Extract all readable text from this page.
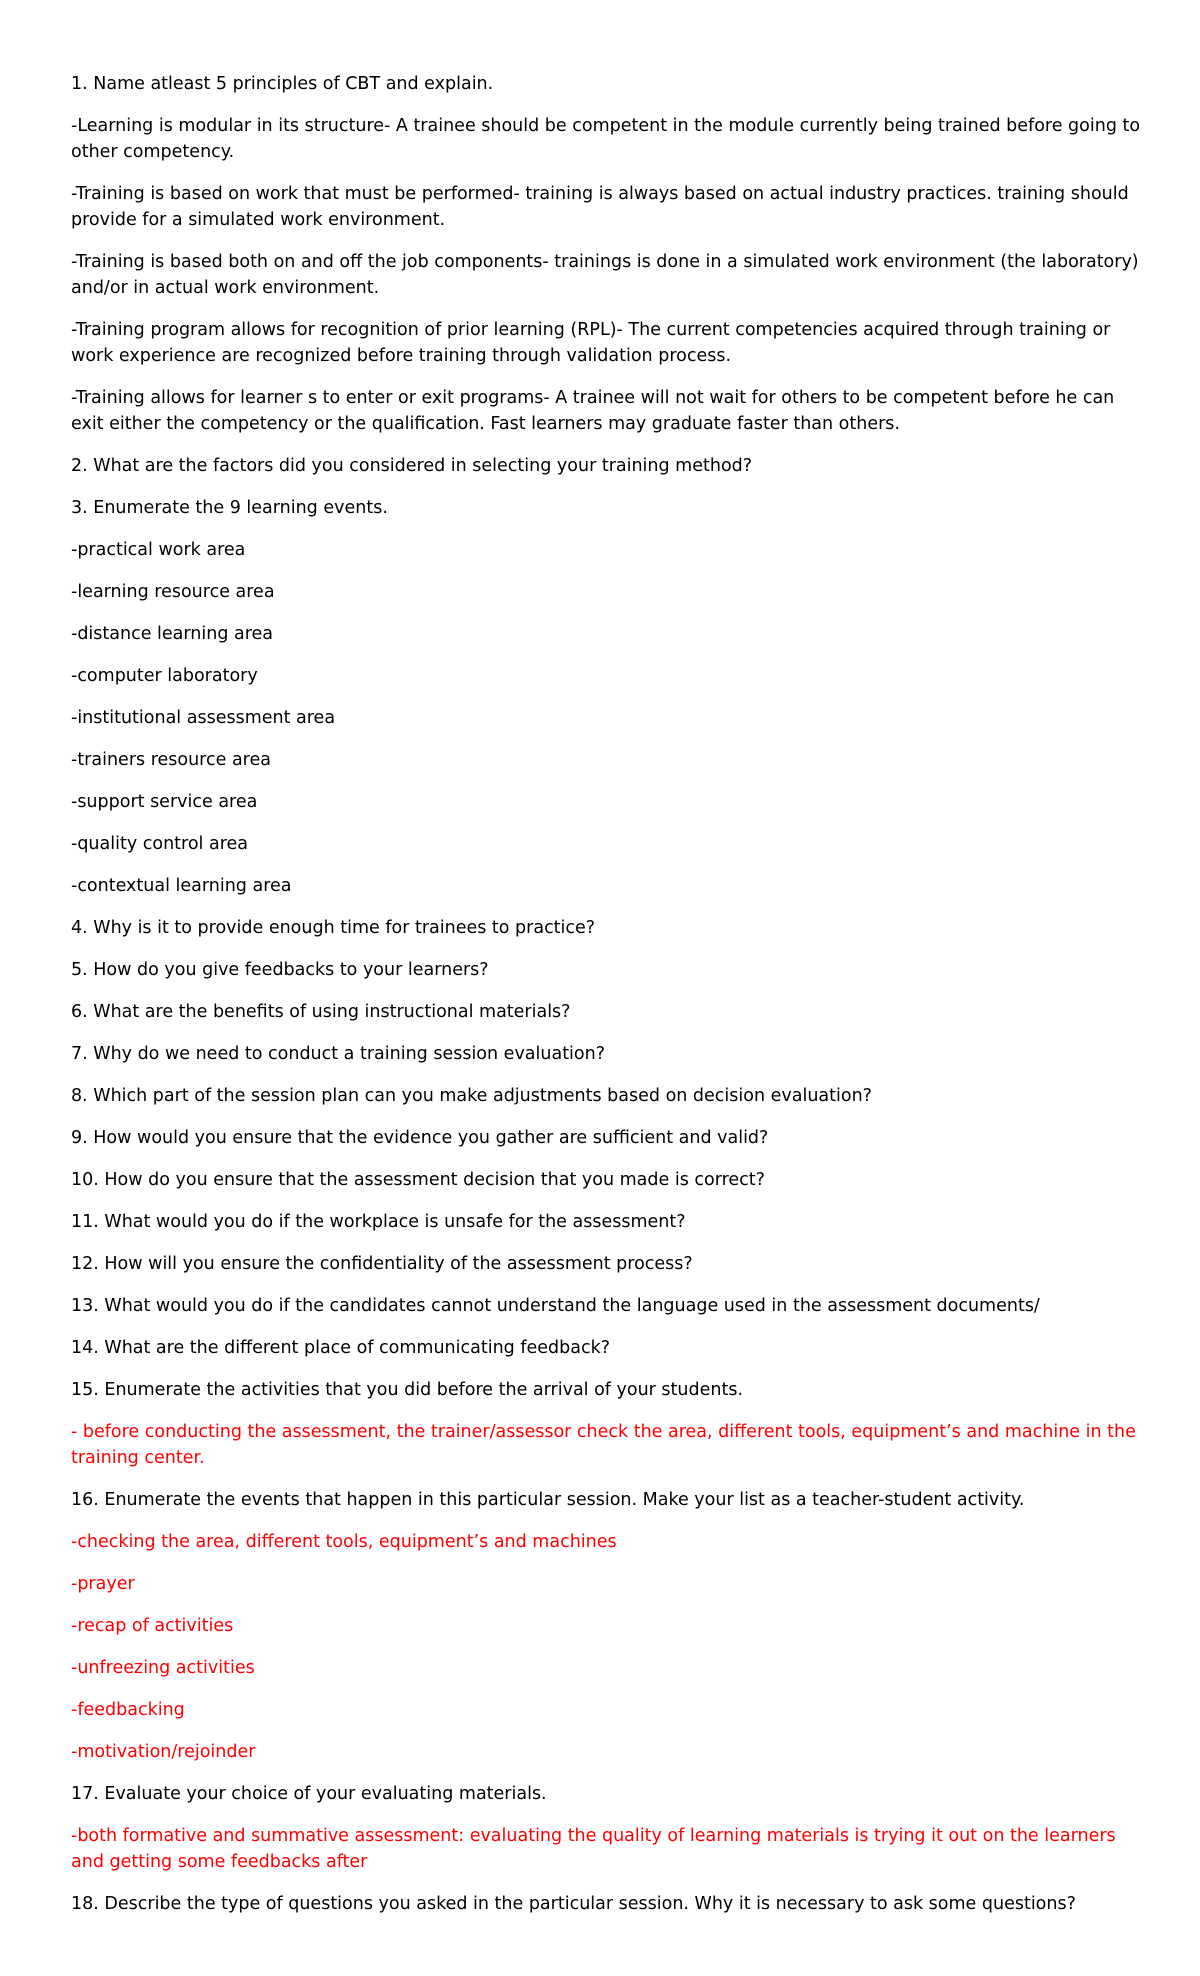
1. Name atleast 5 principles of CBT and explain.

-Learning is modular in its structure- A trainee should be competent in the module currently being trained before going to other competency.

-Training is based on work that must be performed- training is always based on actual industry practices. training should provide for a simulated work environment.

-Training is based both on and off the job components- trainings is done in a simulated work environment (the laboratory) and/or in actual work environment.

-Training program allows for recognition of prior learning (RPL)- The current competencies acquired through training or work experience are recognized before training through validation process.

-Training allows for learner s to enter or exit programs- A trainee will not wait for others to be competent before he can exit either the competency or the qualification. Fast learners may graduate faster than others.

2. What are the factors did you considered in selecting your training method?

3. Enumerate the 9 learning events.

-practical work area

-learning resource area

-distance learning area

-computer laboratory

-institutional assessment area

-trainers resource area

-support service area

-quality control area

-contextual learning area

4. Why is it to provide enough time for trainees to practice?

5. How do you give feedbacks to your learners?

6. What are the benefits of using instructional materials?

7. Why do we need to conduct a training session evaluation?

8. Which part of the session plan can you make adjustments based on decision evaluation?

9. How would you ensure that the evidence you gather are sufficient and valid?

10. How do you ensure that the assessment decision that you made is correct?

11. What would you do if the workplace is unsafe for the assessment?

12. How will you ensure the confidentiality of the assessment process?

13. What would you do if the candidates cannot understand the language used in the assessment documents/

14. What are the different place of communicating feedback?

15. Enumerate the activities that you did before the arrival of your students.

- before conducting the assessment, the trainer/assessor check the area, different tools, equipment’s and machine in the training center.

16. Enumerate the events that happen in this particular session. Make your list as a teacher-student activity.

-checking the area, different tools, equipment’s and machines

-prayer

-recap of activities

-unfreezing activities

-feedbacking

-motivation/rejoinder

17. Evaluate your choice of your evaluating materials.

-both formative and summative assessment: evaluating the quality of learning materials is trying it out on the learners and getting some feedbacks after

18. Describe the type of questions you asked in the particular session. Why it is necessary to ask some questions?
